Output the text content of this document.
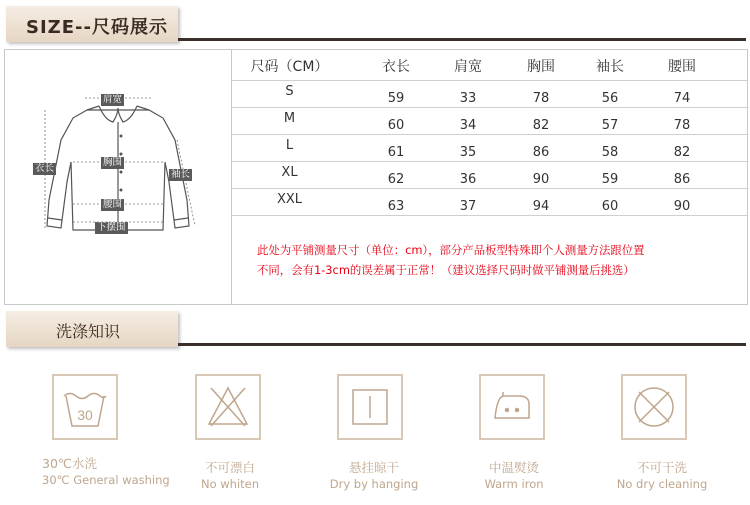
SIZE--尺码展示
肩宽
衣长
胸围
袖长
腰围
下摆围
尺码（CM）	衣长	肩宽	胸围	袖长	腰围
S	59	33	78	56	74
M	60	34	82	57	78
L	61	35	86	58	82
XL	62	36	90	59	86
XXL	63	37	94	60	90
此处为平铺测量尺寸（单位：cm），部分产品板型特殊即个人测量方法跟位置
不同，会有1-3cm的误差属于正常！（建议选择尺码时做平铺测量后挑选）
洗涤知识
30
30℃水洗
30℃ General washing
不可漂白
No whiten
悬挂晾干
Dry by hanging
中温熨烫
Warm iron
不可干洗
No dry cleaning
